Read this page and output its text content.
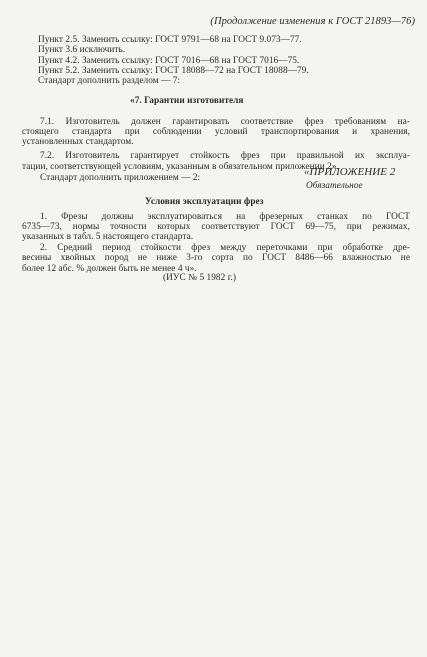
(Продолжение изменения к ГОСТ 21893—76)
Пункт 2.5. Заменить ссылку: ГОСТ 9791—68 на ГОСТ 9.073—77.
Пункт 3.6 исключить.
Пункт 4.2. Заменить ссылку: ГОСТ 7016—68 на ГОСТ 7016—75.
Пункт 5.2. Заменить ссылку: ГОСТ 18088—72 на ГОСТ 18088—79.
Стандарт дополнить разделом — 7:
«7. Гарантии изготовителя
7.1. Изготовитель должен гарантировать соответствие фрез требованиям на-
стоящего стандарта при соблюдении условий транспортирования и хранения,
установленных стандартом.
7.2. Изготовитель гарантирует стойкость фрез при правильной их эксплуа-
тации, соответствующей условиям, указанным в обязательном приложении 2».
Стандарт дополнить приложением — 2:	«ПРИЛОЖЕНИЕ 2
Обязательное
Условия эксплуатации фрез
1. Фрезы должны эксплуатироваться на фрезерных станках по ГОСТ
6735—73, нормы точности которых соответствуют ГОСТ 69—75, при режимах,
указанных в табл. 5 настоящего стандарта.
2. Средний период стойкости фрез между переточками при обработке дре-
весины хвойных пород не ниже 3-го сорта по ГОСТ 8486—66 влажностью не
более 12 абс. % должен быть не менее 4 ч».
(ИУС № 5 1982 г.)
